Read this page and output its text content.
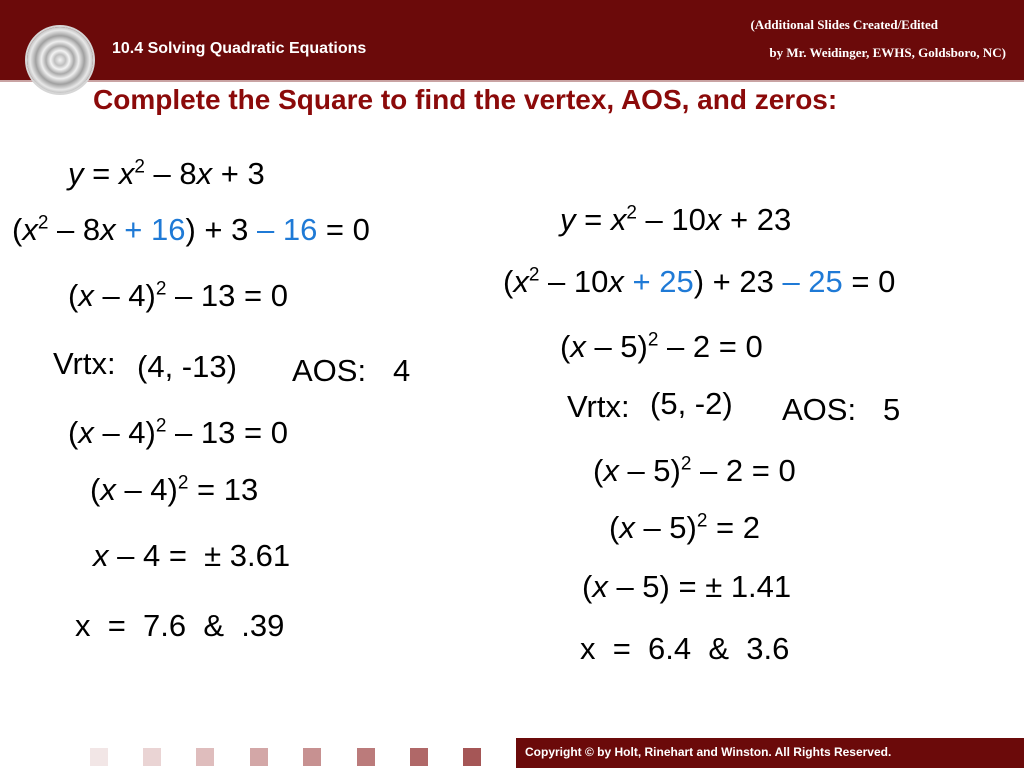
10.4 Solving Quadratic Equations
(Additional Slides Created/Edited
by Mr. Weidinger, EWHS, Goldsboro, NC)
Complete the Square to find the vertex, AOS, and zeros:
$y = x^2 - 8x + 3$
$(x^2 - 8x + 16) + 3 - 16 = 0$
(x – 4)$^2$ – 13 = 0
Vrtx: (4, -13) AOS: 4
(x – 4)$^2$ – 13 = 0
(x – 4)$^2$ = 13
x – 4 =  ± 3.61
x  =  7.6  &  .39
$y = x^2 - 10x + 23$
$(x^2 - 10x + 25) + 23 - 25 = 0$
(x – 5)$^2$ – 2 = 0
Vrtx: (5, -2) AOS: 5
(x – 5)$^2$ – 2 = 0
(x – 5)$^2$ = 2
(x – 5) = ± 1.41
x  =  6.4  &  3.6
Copyright © by Holt, Rinehart and Winston. All Rights Reserved.
